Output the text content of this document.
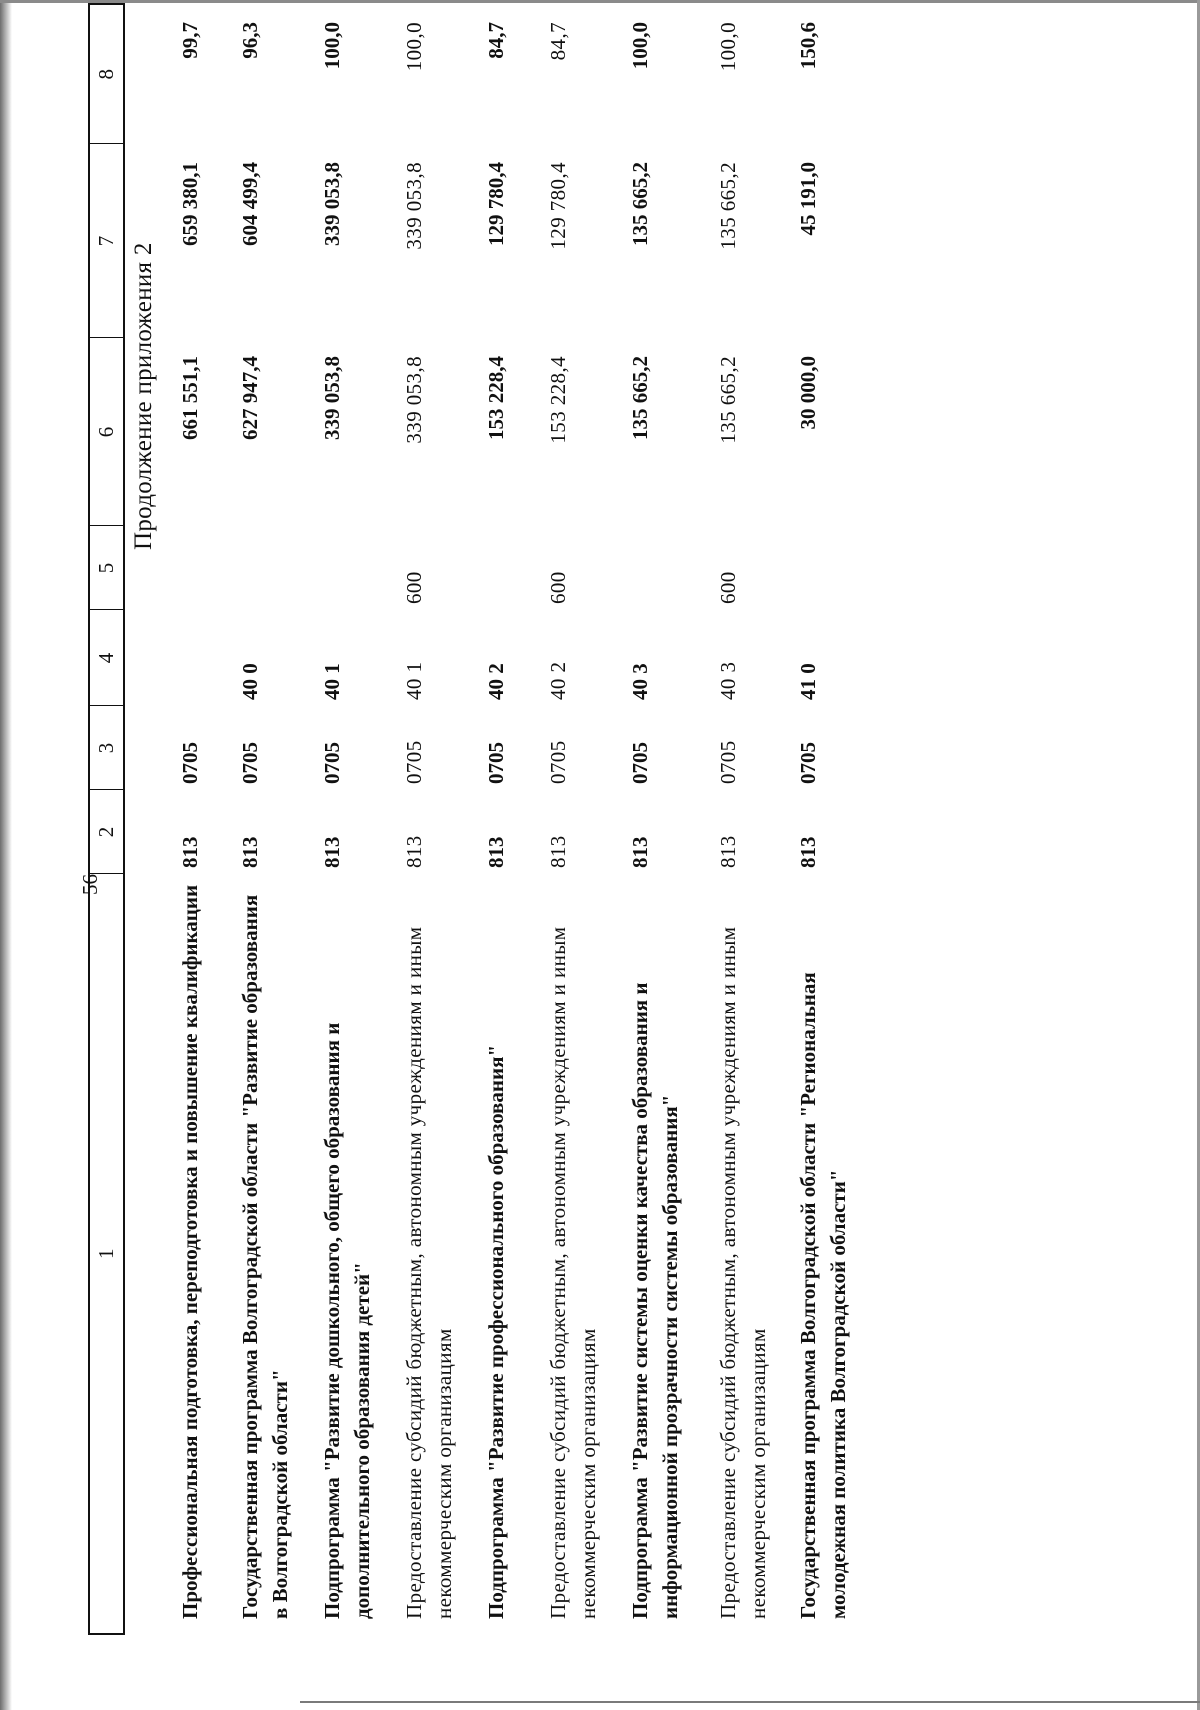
56
Продолжение приложения 2
1	2	3	4	5	6	7	8
Профессиональная подготовка, переподготовка и повышение квалификации	813	0705			661 551,1	659 380,1	99,7
Государственная программа Волгоградской области "Развитие образования в Волгоградской области"	813	0705	40 0		627 947,4	604 499,4	96,3
Подпрограмма "Развитие дошкольного, общего образования и дополнительного образования детей"	813	0705	40 1		339 053,8	339 053,8	100,0
Предоставление субсидий бюджетным, автономным учреждениям и иным некоммерческим организациям	813	0705	40 1	600	339 053,8	339 053,8	100,0
Подпрограмма "Развитие профессионального образования"	813	0705	40 2		153 228,4	129 780,4	84,7
Предоставление субсидий бюджетным, автономным учреждениям и иным некоммерческим организациям	813	0705	40 2	600	153 228,4	129 780,4	84,7
Подпрограмма "Развитие системы оценки качества образования и информационной прозрачности системы образования"	813	0705	40 3		135 665,2	135 665,2	100,0
Предоставление субсидий бюджетным, автономным учреждениям и иным некоммерческим организациям	813	0705	40 3	600	135 665,2	135 665,2	100,0
Государственная программа Волгоградской области "Региональная молодежная политика Волгоградской области"	813	0705	41 0		30 000,0	45 191,0	150,6
